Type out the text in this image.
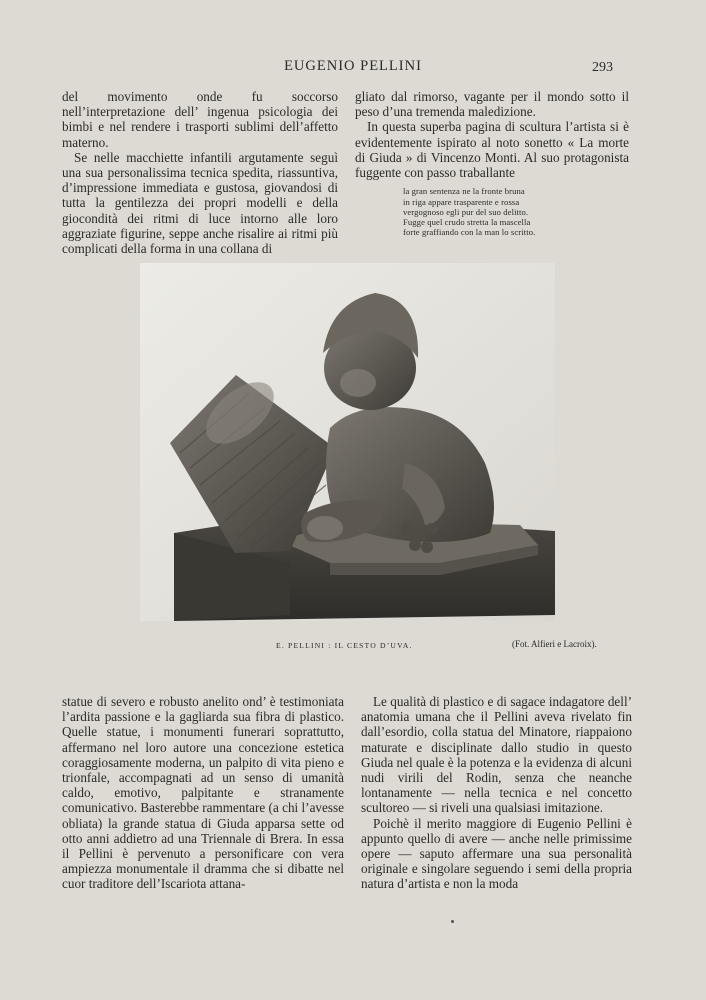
EUGENIO PELLINI	293

del movimento onde fu soccorso nell’interpretazione dell’ ingenua psicologia dei bimbi e nel rendere i trasporti sublimi dell’affetto materno.

Se nelle macchiette infantili argutamente seguì una sua personalissima tecnica spedita, riassuntiva, d’impressione immediata e gustosa, giovandosi di tutta la gentilezza dei propri modelli e della giocondità dei ritmi di luce intorno alle loro aggraziate figurine, seppe anche risalire ai ritmi più complicati della forma in una collana di

gliato dal rimorso, vagante per il mondo sotto il peso d’una tremenda maledizione.

In questa superba pagina di scultura l’artista si è evidentemente ispirato al noto sonetto « La morte di Giuda » di Vincenzo Monti. Al suo protagonista fuggente con passo traballante

la gran sentenza ne la fronte bruna
in riga appare trasparente e rossa
vergognoso egli pur del suo delitto.
Fugge quel crudo stretta la mascella
forte graffiando con la man lo scritto.
E. PELLINI : IL CESTO D’UVA.	(Fot. Alfieri e Lacroix).

statue di severo e robusto anelito ond’ è testimoniata l’ardita passione e la gagliarda sua fibra di plastico. Quelle statue, i monumenti funerari soprattutto, affermano nel loro autore una concezione estetica coraggiosamente moderna, un palpito di vita pieno e trionfale, accompagnati ad un senso di umanità caldo, emotivo, palpitante e stranamente comunicativo. Basterebbe rammentare (a chi l’avesse obliata) la grande statua di Giuda apparsa sette od otto anni addietro ad una Triennale di Brera. In essa il Pellini è pervenuto a personificare con vera ampiezza monumentale il dramma che si dibatte nel cuor traditore dell’Iscariota attana-

Le qualità di plastico e di sagace indagatore dell’ anatomia umana che il Pellini aveva rivelato fin dall’esordio, colla statua del Minatore, riappaiono maturate e disciplinate dallo studio in questo Giuda nel quale è la potenza e la evidenza di alcuni nudi virili del Rodin, senza che neanche lontanamente — nella tecnica e nel concetto scultoreo — si riveli una qualsiasi imitazione.

Poichè il merito maggiore di Eugenio Pellini è appunto quello di avere — anche nelle primissime opere — saputo affermare una sua personalità originale e singolare seguendo i semi della propria natura d’artista e non la moda
